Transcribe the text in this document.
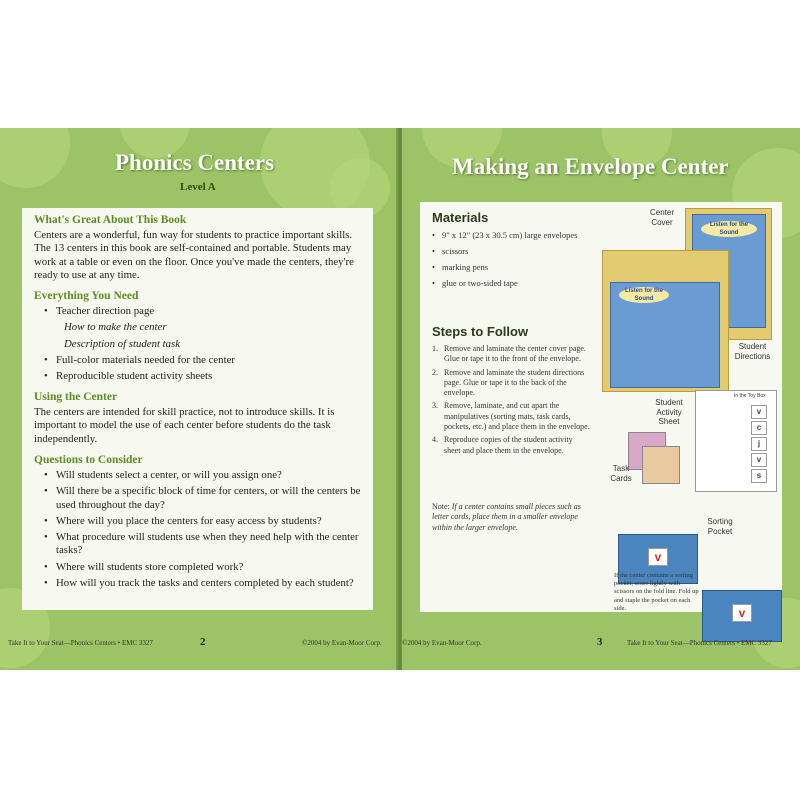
Phonics Centers
Level A
What's Great About This Book
Centers are a wonderful, fun way for students to practice important skills. The 13 centers in this book are self-contained and portable. Students may work at a table or even on the floor. Once you've made the centers, they're ready to use at any time.
Everything You Need
• Teacher direction page
How to make the center
Description of student task
• Full-color materials needed for the center
• Reproducible student activity sheets
Using the Center
The centers are intended for skill practice, not to introduce skills. It is important to model the use of each center before students do the task independently.
Questions to Consider
• Will students select a center, or will you assign one?
• Will there be a specific block of time for centers, or will the centers be used throughout the day?
• Where will you place the centers for easy access by students?
• What procedure will students use when they need help with the center tasks?
• Where will students store completed work?
• How will you track the tasks and centers completed by each student?
Take It to Your Seat—Phonics Centers • EMC 3327	2	©2004 by Evan-Moor Corp.
Making an Envelope Center
Materials
• 9" x 12" (23 x 30.5 cm) large envelopes
• scissors
• marking pens
• glue or two-sided tape
Steps to Follow
1. Remove and laminate the center cover page. Glue or tape it to the front of the envelope.
2. Remove and laminate the student directions page. Glue or tape it to the back of the envelope.
3. Remove, laminate, and cut apart the manipulatives (sorting mats, task cards, pockets, etc.) and place them in the envelope.
4. Reproduce copies of the student activity sheet and place them in the envelope.
Note: If a center contains small pieces such as letter cards, place them in a smaller envelope within the larger envelope.
Center Cover	Listen for the Sound
Listen for the Sound
Student Directions
Student Activity Sheet
In the Toy Box
v
c
j
v
s
Task Cards
v
Sorting Pocket
v
If the center contains a sorting pocket, score lightly with scissors on the fold line. Fold up and staple the pocket on each side.
©2004 by Evan-Moor Corp.	3	Take It to Your Seat—Phonics Centers • EMC 3327
